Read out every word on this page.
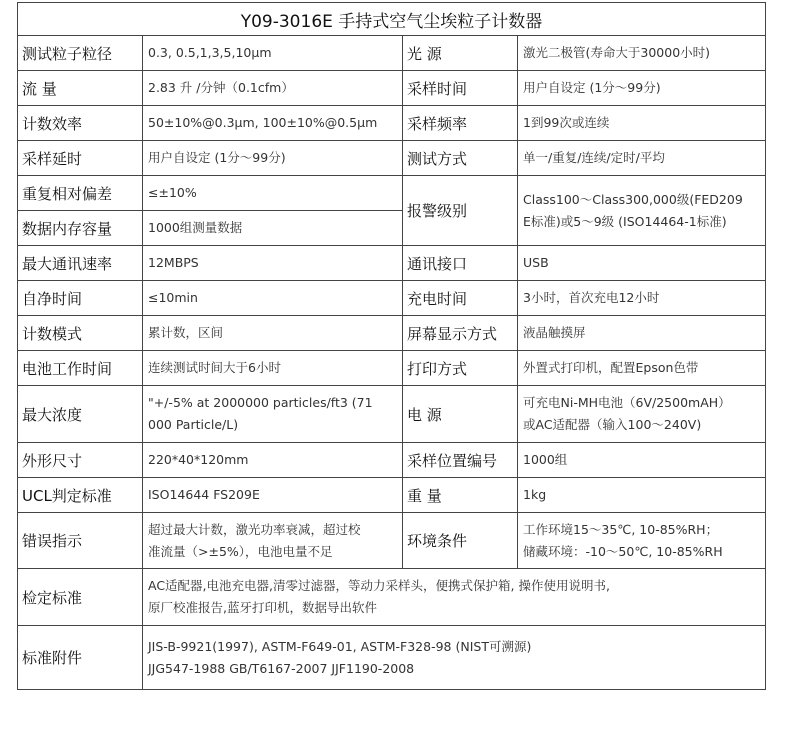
Y09-3016E 手持式空气尘埃粒子计数器			
测试粒子粒径	0.3, 0.5,1,3,5,10μm	光 源	激光二极管(寿命大于30000小时)
流 量	2.83 升 /分钟（0.1cfm）	采样时间	用户自设定 (1分～99分)
计数效率	50±10%@0.3μm, 100±10%@0.5μm	采样频率	1到99次或连续
采样延时	用户自设定 (1分～99分)	测试方式	单一/重复/连续/定时/平均
重复相对偏差	≤±10%	报警级别	Class100～Class300,000级(FED209
E标准)或5～9级 (ISO14464-1标准)

数据内存容量	1000组测量数据		
最大通讯速率	12MBPS	通讯接口	USB
自净时间	≤10min	充电时间	3小时，首次充电12小时
计数模式	累计数，区间	屏幕显示方式	液晶触摸屏
电池工作时间	连续测试时间大于6小时	打印方式	外置式打印机，配置Epson色带
最大浓度	"+/-5% at 2000000 particles/ft3 (71
000 Particle/L)	电 源	可充电Ni-MH电池（6V/2500mAH）
或AC适配器（输入100～240V)

外形尺寸	220*40*120mm	采样位置编号	1000组
UCL判定标准	ISO14644 FS209E	重 量	1kg
错误指示	超过最大计数，激光功率衰减，超过校
准流量（>±5%），电池电量不足	环境条件	工作环境15～35℃, 10-85%RH；
储藏环境：-10～50℃, 10-85%RH

检定标准	AC适配器,电池充电器,清零过滤器，等动力采样头，便携式保护箱, 操作使用说明书,
原厂校准报告,蓝牙打印机，数据导出软件		

标准附件	JIS-B-9921(1997), ASTM-F649-01, ASTM-F328-98 (NIST可溯源)
JJG547-1988 GB/T6167-2007 JJF1190-2008		
